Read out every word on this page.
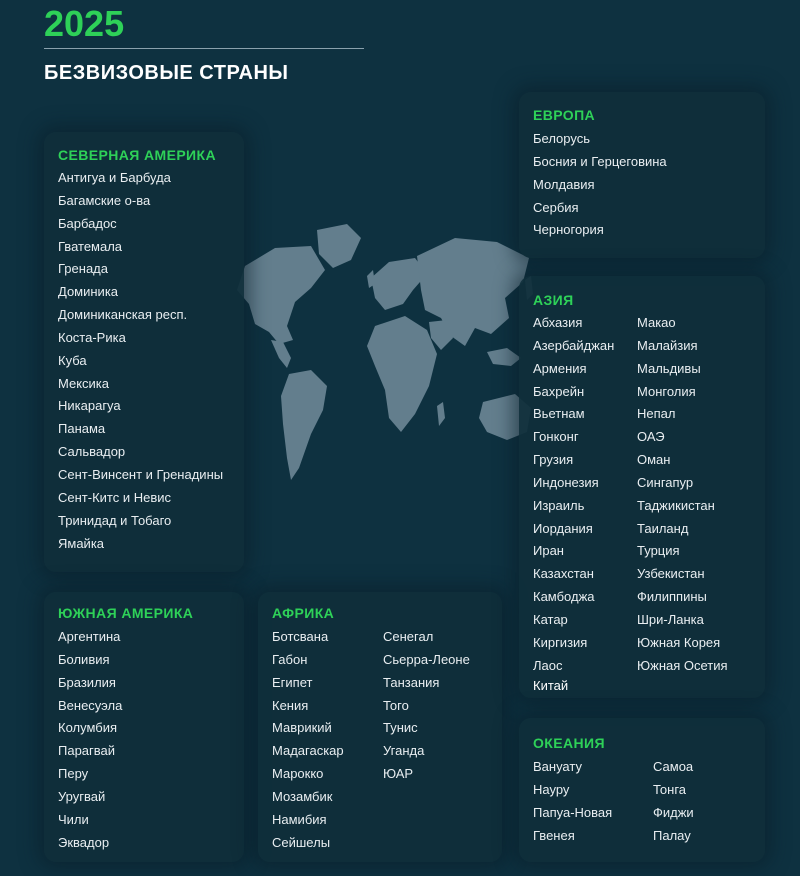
2025
БЕЗВИЗОВЫЕ СТРАНЫ
СЕВЕРНАЯ АМЕРИКА
Антигуа и Барбуда
Багамские о-ва
Барбадос
Гватемала
Гренада
Доминика
Доминиканская респ.
Коста-Рика
Куба
Мексика
Никарагуа
Панама
Сальвадор
Сент-Винсент и Гренадины
Сент-Китс и Невис
Тринидад и Тобаго
Ямайка
ЮЖНАЯ АМЕРИКА
Аргентина
Боливия
Бразилия
Венесуэла
Колумбия
Парагвай
Перу
Уругвай
Чили
Эквадор
АФРИКА
Ботсвана
Габон
Египет
Кения
Маврикий
Мадагаскар
Марокко
Мозамбик
Намибия
Сейшелы
Сенегал
Сьерра-Леоне
Танзания
Того
Тунис
Уганда
ЮАР
ЕВРОПА
Белорусь
Босния и Герцеговина
Молдавия
Сербия
Черногория
АЗИЯ
Абхазия
Азербайджан
Армения
Бахрейн
Вьетнам
Гонконг
Грузия
Индонезия
Израиль
Иордания
Иран
Казахстан
Камбоджа
Катар
Киргизия
Лаос
Китай
Макао
Малайзия
Мальдивы
Монголия
Непал
ОАЭ
Оман
Сингапур
Таджикистан
Таиланд
Турция
Узбекистан
Филиппины
Шри-Ланка
Южная Корея
Южная Осетия
ОКЕАНИЯ
Вануату
Науру
Папуа-Новая
Гвенея
Самоа
Тонга
Фиджи
Палау
